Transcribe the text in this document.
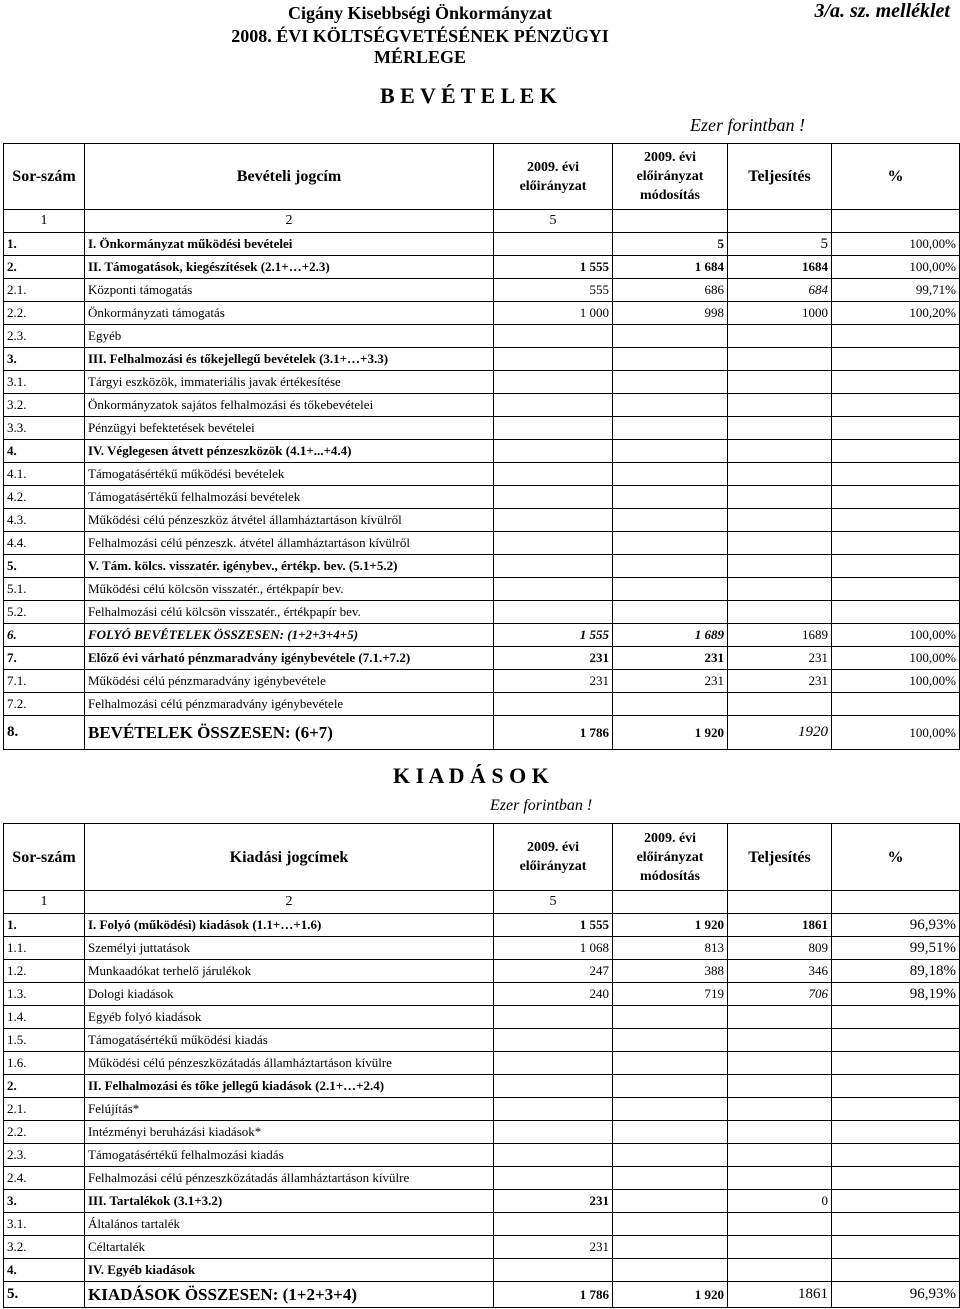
Cigány Kisebbségi Önkormányzat
2008. ÉVI KÖLTSÉGVETÉSÉNEK PÉNZÜGYI MÉRLEGE
3/a. sz. melléklet
B E V É T E L E K
Ezer forintban !
Sor-szám	Bevételi jogcím	2009. évi előirányzat	2009. évi előirányzat módosítás	Teljesítés	%
1	2	5			
1.	I. Önkormányzat működési bevételei		5	5	100,00%
2.	II. Támogatások, kiegészítések (2.1+…+2.3)	1 555	1 684	1684	100,00%
2.1.	Központi támogatás	555	686	684	99,71%
2.2.	Önkormányzati támogatás	1 000	998	1000	100,20%
2.3.	Egyéb				
3.	III. Felhalmozási és tőkejellegű bevételek (3.1+…+3.3)				
3.1.	Tárgyi eszközök, immateriális javak értékesítése				
3.2.	Önkormányzatok sajátos felhalmozási és tőkebevételei				
3.3.	Pénzügyi befektetések bevételei				
4.	IV. Véglegesen átvett pénzeszközök (4.1+...+4.4)				
4.1.	Támogatásértékű működési bevételek				
4.2.	Támogatásértékű felhalmozási bevételek				
4.3.	Működési célú pénzeszköz átvétel államháztartáson kívülről				
4.4.	Felhalmozási célú pénzeszk. átvétel államháztartáson kívülről				
5.	V. Tám. kölcs. visszatér. igénybev., értékp. bev. (5.1+5.2)				
5.1.	Működési célú kölcsön visszatér., értékpapír bev.				
5.2.	Felhalmozási célú kölcsön visszatér., értékpapír bev.				
6.	FOLYÓ BEVÉTELEK ÖSSZESEN: (1+2+3+4+5)	1 555	1 689	1689	100,00%
7.	Előző évi várható pénzmaradvány igénybevétele (7.1.+7.2)	231	231	231	100,00%
7.1.	Működési célú pénzmaradvány igénybevétele	231	231	231	100,00%
7.2.	Felhalmozási célú pénzmaradvány igénybevétele				
8.	BEVÉTELEK ÖSSZESEN: (6+7)	1 786	1 920	1920	100,00%
K I A D Á S O K
Ezer forintban !
Sor-szám	Kiadási jogcímek	2009. évi előirányzat	2009. évi előirányzat módosítás	Teljesítés	%
1	2	5			
1.	I. Folyó (működési) kiadások (1.1+…+1.6)	1 555	1 920	1861	96,93%
1.1.	Személyi juttatások	1 068	813	809	99,51%
1.2.	Munkaadókat terhelő járulékok	247	388	346	89,18%
1.3.	Dologi kiadások	240	719	706	98,19%
1.4.	Egyéb folyó kiadások				
1.5.	Támogatásértékű működési kiadás				
1.6.	Működési célú pénzeszközátadás államháztartáson kívülre				
2.	II. Felhalmozási és tőke jellegű kiadások (2.1+…+2.4)				
2.1.	Felújítás*				
2.2.	Intézményi beruházási kiadások*				
2.3.	Támogatásértékű felhalmozási kiadás				
2.4.	Felhalmozási célú pénzeszközátadás államháztartáson kívülre				
3.	III. Tartalékok (3.1+3.2)	231		0	
3.1.	Általános tartalék				
3.2.	Céltartalék	231			
4.	IV. Egyéb kiadások				
5.	KIADÁSOK ÖSSZESEN: (1+2+3+4)	1 786	1 920	1861	96,93%
